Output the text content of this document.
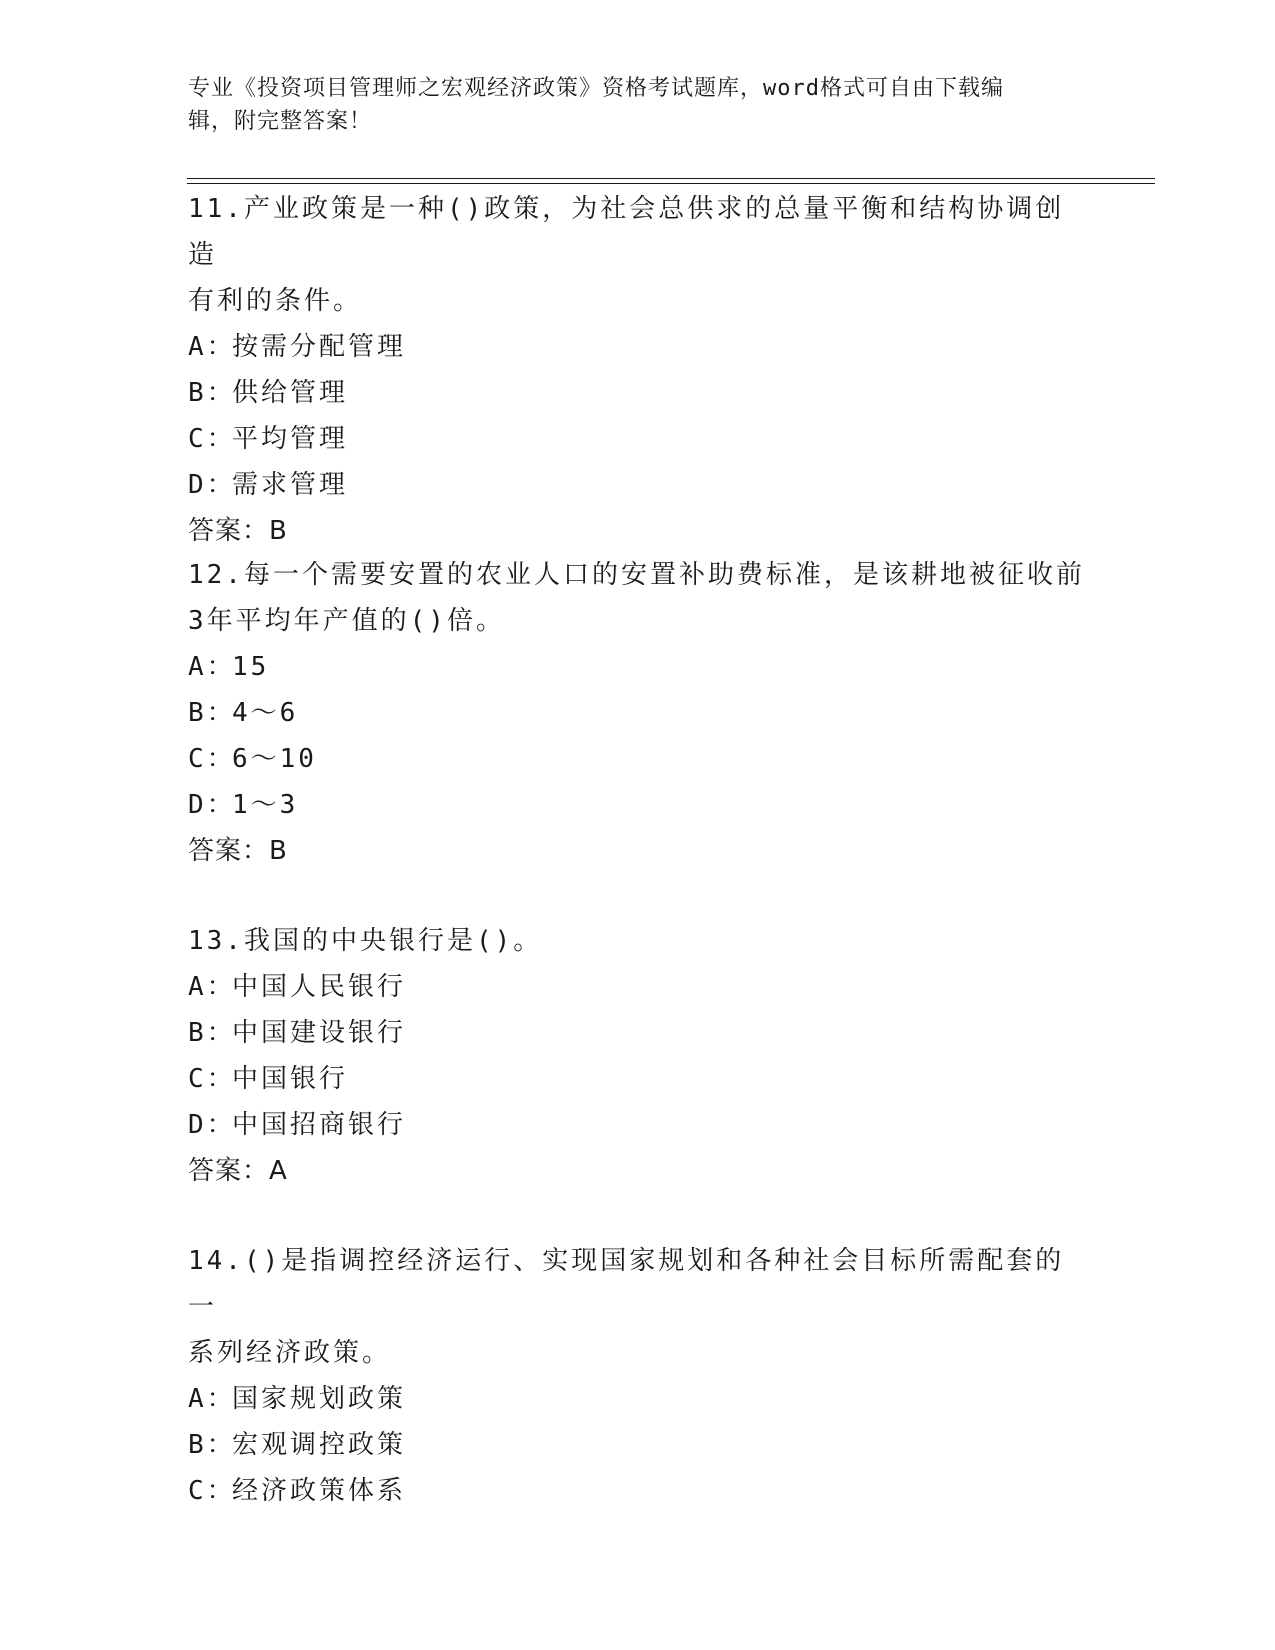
专业《投资项目管理师之宏观经济政策》资格考试题库，word格式可自由下载编
辑，附完整答案！
11.产业政策是一种()政策，为社会总供求的总量平衡和结构协调创造
有利的条件。
A：
按需分配管理
B：
供给管理
C：
平均管理
D：
需求管理
答案：B
12.每一个需要安置的农业人口的安置补助费标准，是该耕地被征收前
3年平均年产值的()倍。
A：
15
B：
4～6
C：
6～10
D：
1～3
答案：B
13.我国的中央银行是()。
A：
中国人民银行
B：
中国建设银行
C：
中国银行
D：
中国招商银行
答案：A
14.()是指调控经济运行、实现国家规划和各种社会目标所需配套的一
系列经济政策。
A：
国家规划政策
B：
宏观调控政策
C：
经济政策体系
